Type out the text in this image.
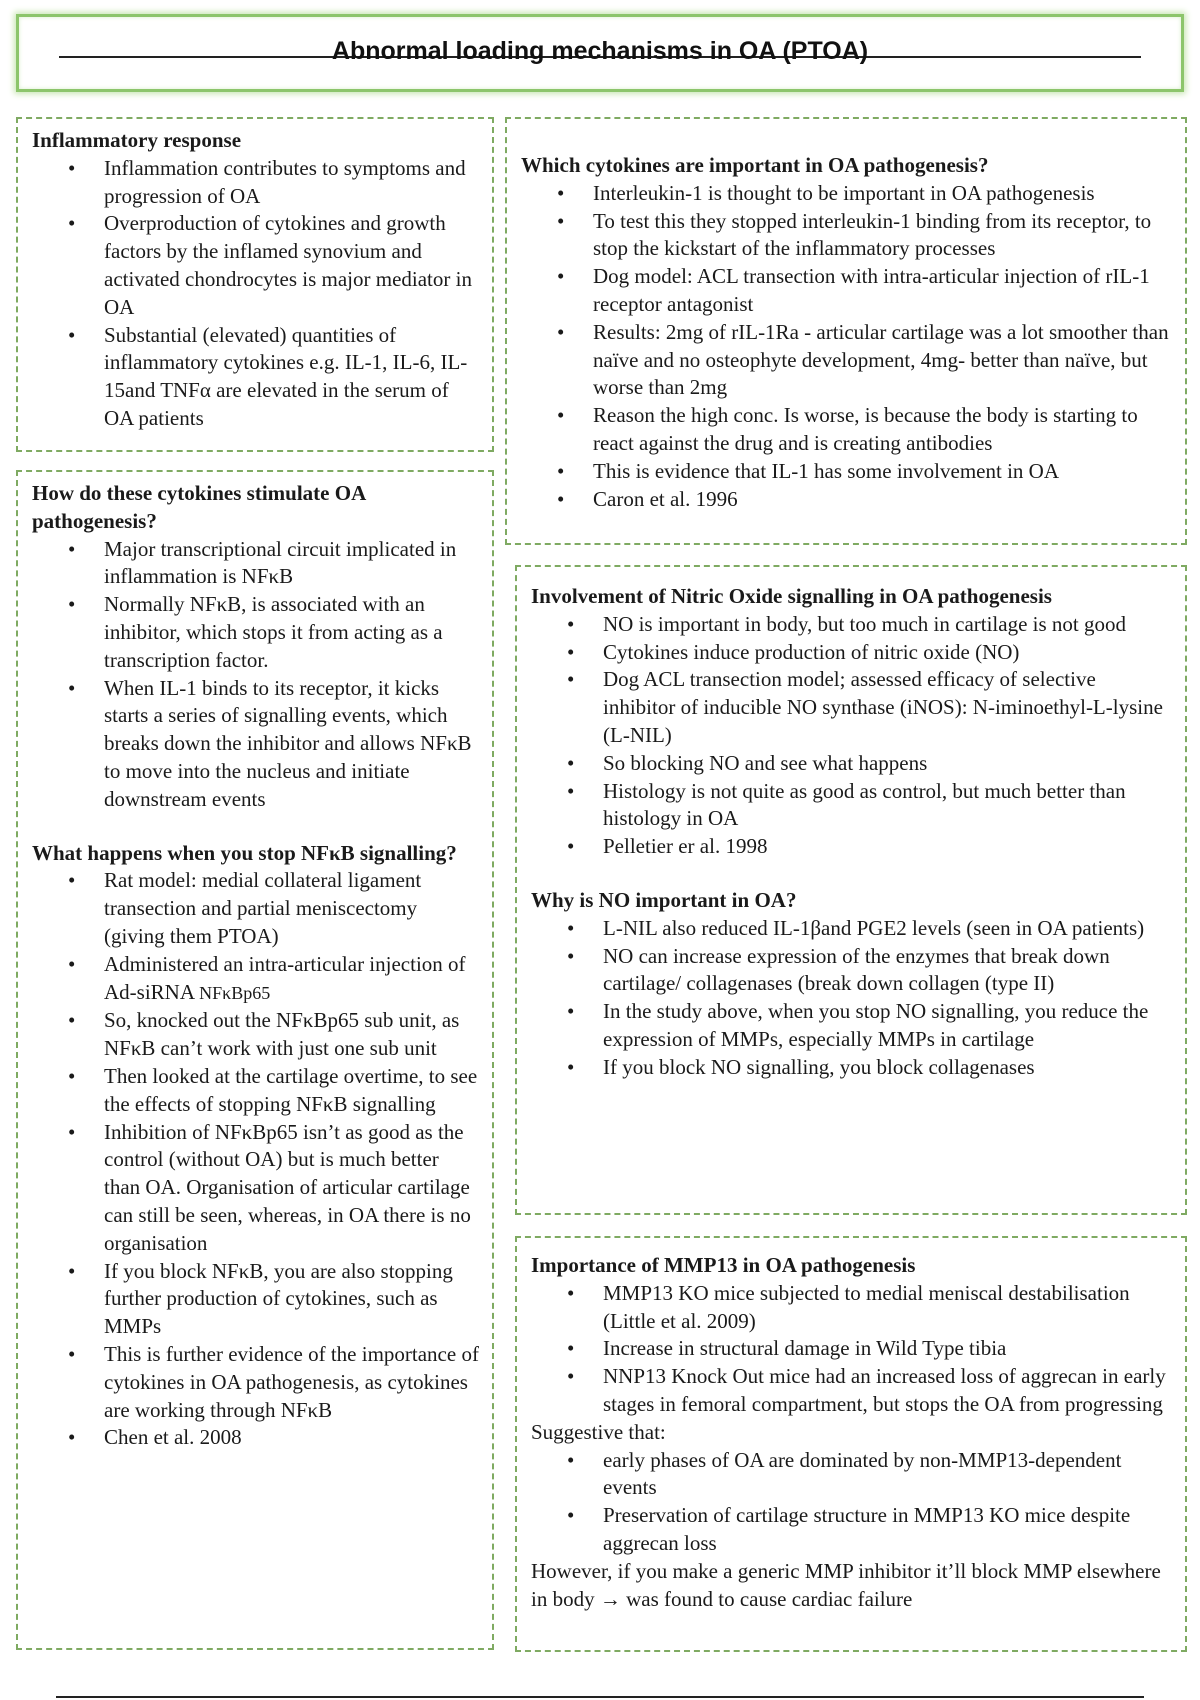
Abnormal loading mechanisms in OA (PTOA)
Inflammatory response
• Inflammation contributes to symptoms and progression of OA
• Overproduction of cytokines and growth factors by the inflamed synovium and activated chondrocytes is major mediator in OA
• Substantial (elevated) quantities of inflammatory cytokines e.g. IL-1, IL-6, IL-15and TNFα are elevated in the serum of OA patients
How do these cytokines stimulate OA pathogenesis?
• Major transcriptional circuit implicated in inflammation is NFκB
• Normally NFκB, is associated with an inhibitor, which stops it from acting as a transcription factor.
• When IL-1 binds to its receptor, it kicks starts a series of signalling events, which breaks down the inhibitor and allows NFκB to move into the nucleus and initiate downstream events
What happens when you stop NFκB signalling?
• Rat model: medial collateral ligament transection and partial meniscectomy (giving them PTOA)
• Administered an intra-articular injection of Ad-siRNA NFκBp65
• So, knocked out the NFκBp65 sub unit, as NFκB can’t work with just one sub unit
• Then looked at the cartilage overtime, to see the effects of stopping NFκB signalling
• Inhibition of NFκBp65 isn’t as good as the control (without OA) but is much better than OA. Organisation of articular cartilage can still be seen, whereas, in OA there is no organisation
• If you block NFκB, you are also stopping further production of cytokines, such as MMPs
• This is further evidence of the importance of cytokines in OA pathogenesis, as cytokines are working through NFκB
• Chen et al. 2008
Which cytokines are important in OA pathogenesis?
• Interleukin-1 is thought to be important in OA pathogenesis
• To test this they stopped interleukin-1 binding from its receptor, to stop the kickstart of the inflammatory processes
• Dog model: ACL transection with intra-articular injection of rIL-1 receptor antagonist
• Results: 2mg of rIL-1Ra - articular cartilage was a lot smoother than naïve and no osteophyte development, 4mg- better than naïve, but worse than 2mg
• Reason the high conc. Is worse, is because the body is starting to react against the drug and is creating antibodies
• This is evidence that IL-1 has some involvement in OA
• Caron et al. 1996
Involvement of Nitric Oxide signalling in OA pathogenesis
• NO is important in body, but too much in cartilage is not good
• Cytokines induce production of nitric oxide (NO)
• Dog ACL transection model; assessed efficacy of selective inhibitor of inducible NO synthase (iNOS): N-iminoethyl-L-lysine (L-NIL)
• So blocking NO and see what happens
• Histology is not quite as good as control, but much better than histology in OA
• Pelletier er al. 1998
Why is NO important in OA?
• L-NIL also reduced IL-1βand PGE2 levels (seen in OA patients)
• NO can increase expression of the enzymes that break down cartilage/ collagenases (break down collagen (type II)
• In the study above, when you stop NO signalling, you reduce the expression of MMPs, especially MMPs in cartilage
• If you block NO signalling, you block collagenases
Importance of MMP13 in OA pathogenesis
• MMP13 KO mice subjected to medial meniscal destabilisation (Little et al. 2009)
• Increase in structural damage in Wild Type tibia
• NNP13 Knock Out mice had an increased loss of aggrecan in early stages in femoral compartment, but stops the OA from progressing

Suggestive that:

• early phases of OA are dominated by non-MMP13-dependent events
• Preservation of cartilage structure in MMP13 KO mice despite aggrecan loss

However, if you make a generic MMP inhibitor it’ll block MMP elsewhere in body → was found to cause cardiac failure
